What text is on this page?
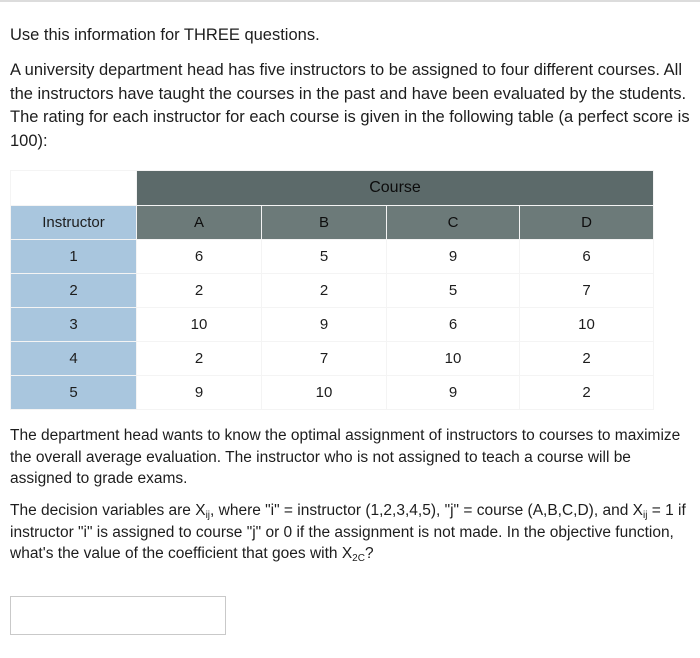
Use this information for THREE questions.

A university department head has five instructors to be assigned to four different courses. All the instructors have taught the courses in the past and have been evaluated by the students. The rating for each instructor for each course is given in the following table (a perfect score is 100):

	Course			
Instructor	A	B	C	D
1	6	5	9	6
2	2	2	5	7
3	10	9	6	10
4	2	7	10	2
5	9	10	9	2

The department head wants to know the optimal assignment of instructors to courses to maximize the overall average evaluation. The instructor who is not assigned to teach a course will be assigned to grade exams.

The decision variables are $X_{ij}$, where "i" = instructor (1,2,3,4,5), "j" = course (A,B,C,D), and $X_{ij} = 1$ if instructor "i" is assigned to course "j" or 0 if the assignment is not made. In the objective function, what's the value of the coefficient that goes with $X_{2C}$?
